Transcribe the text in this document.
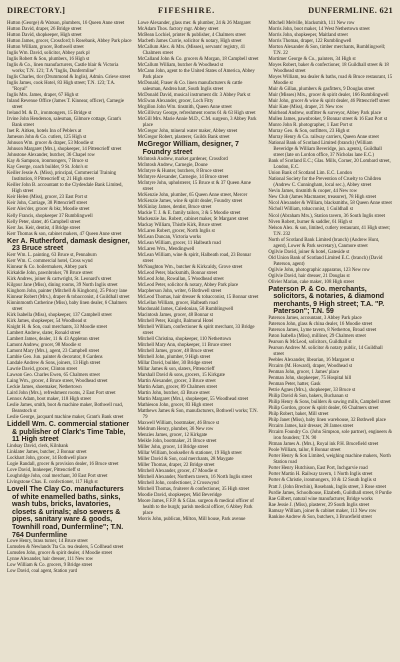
DIRECTORY.]	FIFESHIRE.	DUNFERMLINE. 621

Hutton (George) & Watson, plumbers, 16 Queen Anne street

Hutton David, draper, 26 Bridge street

Hutton David, shopkeeper, High street

Hutton James, grocer, Crossford; h Rosebank, Abbey Park place

Hutton William, grocer, Bothwell street

Inglis Wm. David, solicitor, Abbey park pl

Inglis Robert & Son, plumbers, 16 High st

Inglis & Co., linen manufacturers, Castle blair & Victoria works; T.N. 121; T.A "Inglis, Dunfermline"

Inglis Charles, tlor (Drummond & Inglis), Admin. Grieve street

Inglis James, cook Hotel, 83 High street; T.N. 123; T.A. "Royal"

Inglis Mrs. James, draper, 67 High st

Inland Revenue Office (James T. Kinnear, officer), Carnegie street

Ireland M. & D., ironmongers, 15 Bridge st

Irvine John Henderson, salesman, Gilmore cottage, Grant's Bank street

Inet R. Aitken, hotels Inn of Peblers at

Jameson John & Co. cutlers, 125 High st

Johnson Wm. grocer & draper, 53 Moodie st

Johnson Margaret (Mrs.), shopkeeper, 14 Pittencrieff street

Johnstone Alexander, butcher, 36 Chapel row

Kay & Sampson, ironmongers, 7 Bruce st

Kay George, coach builder, 9 St. John's st

Keiller Jessie A. (Miss), principal, Commercial Training Institution, 8 Pittencrieff st; 21 High street

Keiller John B. accountant to the Clydesdale Bank Limited, High street

Keir Helen (Miss), grocer, 23 East Port st

Keir John, Carriage, 38 Pittencrieff street

Kerr Alex'der, grocer & bkr, Moodie street

Kelly Francis, shopkeeper 37 Rumblingwell

Kelly Peter, slater, 46 Campbell street

Kerr Jas. Keir, dentist, 4 Bridge street

Kerr Thomas & son, cabinet makers, 47 Queen Anne street

Ker A. Rutherford, damask designer, 23 Bruce street

Kerr Wm. L. painting, 63 Bruce st, Pennaburn

Kerr Wm. C. commercial hotel, Cross wynd

Kinnear & Co. boilermakers, Abbey park

Kirkaldie John, pawnbroker, 78 Bruce street

Kirk Andrew, joiner & cartwright, St. Leonard's street

Kilgour Jane (Miss), dining rooms, 39 North Inglis street

Kinghorn John, painter (Mitchell & Kinghorn), 25 Priory lane

Kinnear Robert (Mrs.), draper & tobacconist, 4 Guildhall street

Kinninmonth Catherine (Miss), baby linen dealer, 6 Chalmers street

Kirk Isabella (Miss), shopkeeper, 137 Campbell street

Kirk James, shopkeeper, 54 Woodhead st

Knight H. & Son, coal merchants, 33 Moodie street

Lambert Andrew, slater, Ronald street

Lambert James, dealer, 11 & 43 Appleton street

Lamont Andrew, grocer, 98 Moodie st

Lamont Mary (Mrs.), agent, 23 Campbell street

Lambie Geo. Jun. painter & decorator, 8 Gardens

Landale Andrew & Sons, joiners, 13 High street

Lawrie David, grocer, Clinton street

Lawson Geo. Charles Ewen, 65 Chalmers street

Laing Wm., grocer, 4 Bruce street, Woodhead street

Leckie James, shoemaker, Nethertown

Laird John (Mrs.), refreshment rooms, 2 East Port street

Lennox Adam, boot maker, 118 High street

Leslie James, smith, boot & machine maker, Bothwell road, Beanstoch st

Leslie George, jacquard machine maker, Grant's Bank street

Liddell Wm. C. commercial stationer & publisher of Clark's Time Table, 11 High street

Lindsay David, clerk, Kilnbank

Linklater James, butcher, 2 Bonnar street

Lockhart John, grocer, 14 Bothwell place

Logie Randall, grocer & provision dealer, 16 Bruce street

Love David, Innkeeper, Pittencrieff st

Loughridge John, coal merchant, 30 East Port street

Livingstone Chas. E. confectioner, 117 High st

Lovell The Clay Co. manufacturers of white enamelled baths, sinks, wash tubs, bricks, lavatories, closets & urinals; also sewers & pipes, sanitary ware & goods, Townhill road, Dunfermline"; T.N. 764 Dunfermline

Lowe Henry, brass turner, 14 Bruce street

Lumsden & Newlands Tta Co. tea dealers, 5 Collhead street

Lumsden John, grocer & spirit dealer, 4 Moodie street

Lynne Alexander, hair dresser, 111 New row

Low William & Co. grocers, 9 Bridge street

Low David, coal agent, Station yard

Lowe Alexander, glass mer. & plumber, 24 & 26 Margaret

McAdam Thos. factory mgr. Abbey street

McBean Lochiel, printer & publisher, 4 Chalmers street

Macbeth James Currie, solicitor & notary, High street

McCallum Alex. & Mrs. (Misses), servants' registry, 41 Chalmers street

McCalland John & Co. grocers & Morgan, 18 Campbell street

McCallum William, butcher & Woodhead st

McCann John, agent to the United States of America, Abbey Park place

McDonald, Fraser & Co. linen manufacturers & cattle salesman, Andrea hart, South Inglis street

McDonald David, musical instrument dlr. 3 Abbey Park st

McEwan Alexander, grocer, Loch Fitty

Mcgillon John Wm. tinsmith, Queen Anne street

McGillivray George, refreshment rooms 61 & 63 High street

McGill Mrs. Marie Annie M.D., C.M. surgeon, 3 Abbey Park place

McGregor John, mineral water maker, Abbey street

McGregor Robert, plasterer, Guilds Bank street

McGregor William, designer, 7 Foundry street

McIntosh Andrew, market gardener, Crossford

McIntosh Andrew, Carnegie, Doune

McIntyre & Hunter, butchers, 8 Bruce street

McIntyre Alexander, Carnegie, 14 Bruce street

McIntyre John, upholsterer, 15 Bruce st & 37 Queen Anne street

McKenzie John, plumber, 65 Queen Anne street, Mercer

McKenzie James, wine & spirit dealer, Foundry street

McKinlay James, dentist, Bruce street

Mackie T. J. & E. family tailors, 3 & 5 Moodie street

Mackenzie Jas. Robert, cabinet maker, St Margaret street

Mackay William, Thistle Kirk, Bruce street

McLaren Robert, grocer, North Inglis st

McLean Duncan, Victoria works

McLean William, grocer, 11 Halbeath road

McLaren Wm., Mendingwell

McLean William, wine & spirit, Halbeath road, 23 Bonnar street

McNaughton Wm., butcher & Kirkcaldy, Grove street

McLeod Peter, blacksmith, Bonnar street

McLeod John, Rowallan, 5 Woodhead street

McLeod Peter, solicitor & notary, Abbey Park place

Macpherson John, writer, 6 Bothwell street

McLeod Thomas, hair dresser & tobacconist, 15 Bonnar street

McLellan William, grocer, Halbeath road

Macdonald James, Caledonian, 50 Rumblingwell

Macintosh James, grocer, 48 Bonnar st

Mitchell Peter, Knight, Balmoral Hotel

Mitchell William, confectioner & spirit merchant, 33 Bridge street

Mitchell Christina, shopkeeper, 110 Nethertown

Mitchell Mary Ann, shopkeeper, 11 Bruce street

Mitchell James, grocer, 48 Bruce street

Mitchell John, plumber, 9 High street

Millar David, builder, 30 Bridge street

Millar James & son, slaters, Pittencrieff

Marshall David & sons, grocers, 15 Kirkgate

Martin Alexander, grocer, 3 Bruce street

Martin Adam, grocer, 89 Chalmers street

Martin John, butcher, 43 Bruce street

Martin Margaret (Mrs.), shopkeeper, 55 Woodhead street

Mathieson John, grocer, 83 High street

Matthews James & Son, manufacturers, Bothwell works; T.N. 79

Maxwell William, bootmaker, 46 Bruce st

Meldrum Henry, plumber, 36 New row

Menzies James, grocer, 12 Kirkgate

Meikle John, bootmaker, 21 Bruce street

Miller John, grocer, 14 Bridge street

Millar William, bookseller & stationer, 19 High street

Miller David & Son, coal merchants, 28 Maygate

Miller Thomas, draper, 22 Bridge street

Mitchell Alexander, grocer, 47 Moodie st

Mitchell Alexander, Northern tavern, 16 North Inglis street

Mitchell John, confectioner, 2 Crosswynd

Mitchell Thomas, fruiterer & confectioner, 35 High street

Moodie David, shopkeeper, Mid Beveridge

Moore James, F.F.P. & S.Glas. surgeon & medical officer of health to the burgh; parish medical officer, 6 Abbey Park place

Morris John, publican, Milton, Mill house, Park avenue

Mitchell Melville, blacksmith, 111 New row

Morris John, boot maker, 14 West Nethertown street

Morris John, shopkeeper, Maitland street

Morris Thomas, draper, 122 Rumblingwell

Morton Alexander & Son, timber merchants, Rumblingwell; T.N. 22

Mortimer George & Co., painters, 34 High st

Moyes Robert, baker & confectioner, 18 Guildhall street & 18 Woodhead street

Moyes William, tea dealer & baths, road & Bruce restaurant, 15 Moodie st

Muir & Gillan, plumbers & gasfitters, 9 Douglas street

Muir (Misses) Mrs., grocer & spirit dealer, 166 Rumblingwell

Muir John, grocer & wine & spirit dealer, 46 Pittencrieff street

Muir Kate (Miss), draper, 21 New row

Muirhead Andrew, outfitter & surveyor, Abbey Park place

Mullen James, pawnbroker, 9 Bonnar street & 16 East Port st

Munro John R. photographer, 1 East Port st

Murray Geo. & Son, outfitters, 23 High st

Murray Henry & Co. railway carriers, Queen Anne street

National Bank of Scotland Limited (branch) (William Beveridge & William Beveridge, jun. agents), Guildhall street (late on Lordon office, 37 Nicholas lane E.C.)

Bank of Scotland E.C.; Glas. Mills, Corner, 20 Lombard street, London, E.C.

Union Bank of Scotland Lim. E.C. London

National Society for the Prevention of Cruelty to Children (Andrew C. Cunningham, local sec.), Abbey street

Nevin James, tinsmith & cooper, 44 New row

New Club (James Macmaster, treasurer), 78 High street

Nicol Alexander & William, blacksmiths, 58 Queen Anne street

Nicholl William, tobacconist, 1 Guildhall st

Nicol (Abraham Mrs.), Station tavern, 36 South Inglis street

Niven Robert, burner & saddler, 61 High st

Nelson Alex. & son, limited, cutlery restaurant, 41 High street; T.N. 232

North of Scotland Bank Limited (branch) (Andrew Hunt, agent), Lower & Park secretary), Canmore street

Ogilvie David, joiner & hotel, Gateside st

Old Union Bank of Scotland Limited E.C. (branch) (David Paterson, agent)

Ogilvie John, photographic apparatus, 123 New row

Ogilvie David, hair dresser, 21 Douglas st

Olivier Marian, cake maker, 108 High street

Paterson P. & Co. merchants, solicitors, & notaries, & diamond merchants, 9 High street; T.A. "P. Paterson"; T.N. 59

Paterson James, accountant, 3 Abbey Park place

Paterson John, glass & china dealer, 16 Moodie street

Paterson James, Lyme tavern, 8 Netherton, Broad street

Paton Isabella (Miss), milliner, 29 Chalmers street

Pearson & McLeod, solicitors, Guildhall st

Pearson Andrew M. solicitor & notary public, 14 Guildhall street

Peebles Alexander, libearian, 16 Margaret st

Pitcairn (M. Howard), draper, Woodhead st

Penman John, grocer, 1 James' place

Penman John, shopkeeper, 75 Hospital hill

Penman Peter, hatter, Gask

Petrie Agnes (Mrs.), shopkeeper, 33 Bruce st

Philip David & Son, bakers, Buchanan st

Philip Henry & Sons, builders & sawing mills, Campbell street

Philip Gordon, grocer & spirit dealer, 66 Chalmers street

Philp Robert, baker, Mill street

Philp Janet (Miss), baby linen warehouse, 32 Bothwell place

Pitcairn James, hair dresser, 28 James street

Pitcairn Foundry Co. (John Simpson, sole partner), engineers & iron founders; T.N. 90

Pitman James A. (Mrs.), Royal ink P.H. Brucefield street

Poole William, tailor, 8 Bonnar street

Porter Henry & Son Limited, weighing machine makers, North Station road

Porter Henry Hutchison, East Port, Inchgarvie road

Porter Martin H. Railway tavern, 1 North Inglis street

Porter & Christie, ironmongers, 10 & 12 South Inglis st

Pratt J. (John Brechin), Rosebank, Inglis street, 3 Rose street

Purdie James, Schoolhouse, Elzabeth, Guildhall street, 8 Purdie

Rae Gilbert, natural wine manufacturer, Bridge works

Rae Jessie J. (Miss), plasterer, 29 South Inglis street

Ramsay William, joiner & cabinet maker, 113 New row

Rankine Andrew & Son, butchers, 3 Brucefield street
